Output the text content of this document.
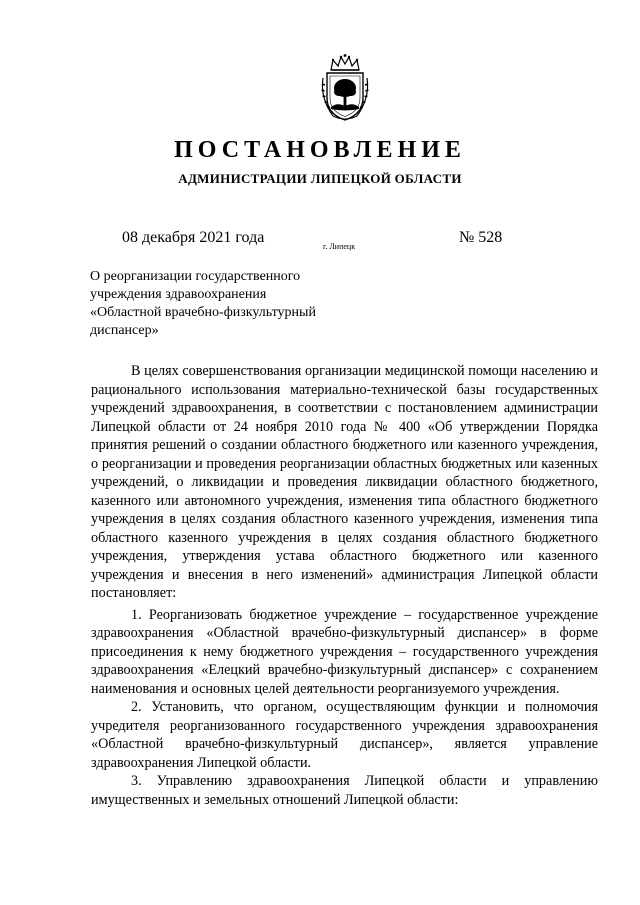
ПОСТАНОВЛЕНИЕ
АДМИНИСТРАЦИИ ЛИПЕЦКОЙ ОБЛАСТИ
08 декабря 2021 года
г. Липецк
№ 528
О реорганизации государственного
учреждения здравоохранения
«Областной врачебно-физкультурный
диспансер»

В целях совершенствования организации медицинской помощи населению и рационального использования материально-технической базы государственных учреждений здравоохранения, в соответствии с постановлением администрации Липецкой области от 24 ноября 2010 года № 400 «Об утверждении Порядка принятия решений о создании областного бюджетного или казенного учреждения, о реорганизации и проведения реорганизации областных бюджетных или казенных учреждений, о ликвидации и проведения ликвидации областного бюджетного, казенного или автономного учреждения, изменения типа областного бюджетного учреждения в целях создания областного казенного учреждения, изменения типа областного казенного учреждения в целях создания областного бюджетного учреждения, утверждения устава областного бюджетного или казенного учреждения и внесения в него изменений» администрация Липецкой области постановляет:

1. Реорганизовать бюджетное учреждение – государственное учреждение здравоохранения «Областной врачебно-физкультурный диспансер» в форме присоединения к нему бюджетного учреждения – государственного учреждения здравоохранения «Елецкий врачебно-физкультурный диспансер» с сохранением наименования и основных целей деятельности реорганизуемого учреждения.

2. Установить, что органом, осуществляющим функции и полномочия учредителя реорганизованного государственного учреждения здравоохранения «Областной врачебно-физкультурный диспансер», является управление здравоохранения Липецкой области.

3. Управлению здравоохранения Липецкой области и управлению имущественных и земельных отношений Липецкой области:
